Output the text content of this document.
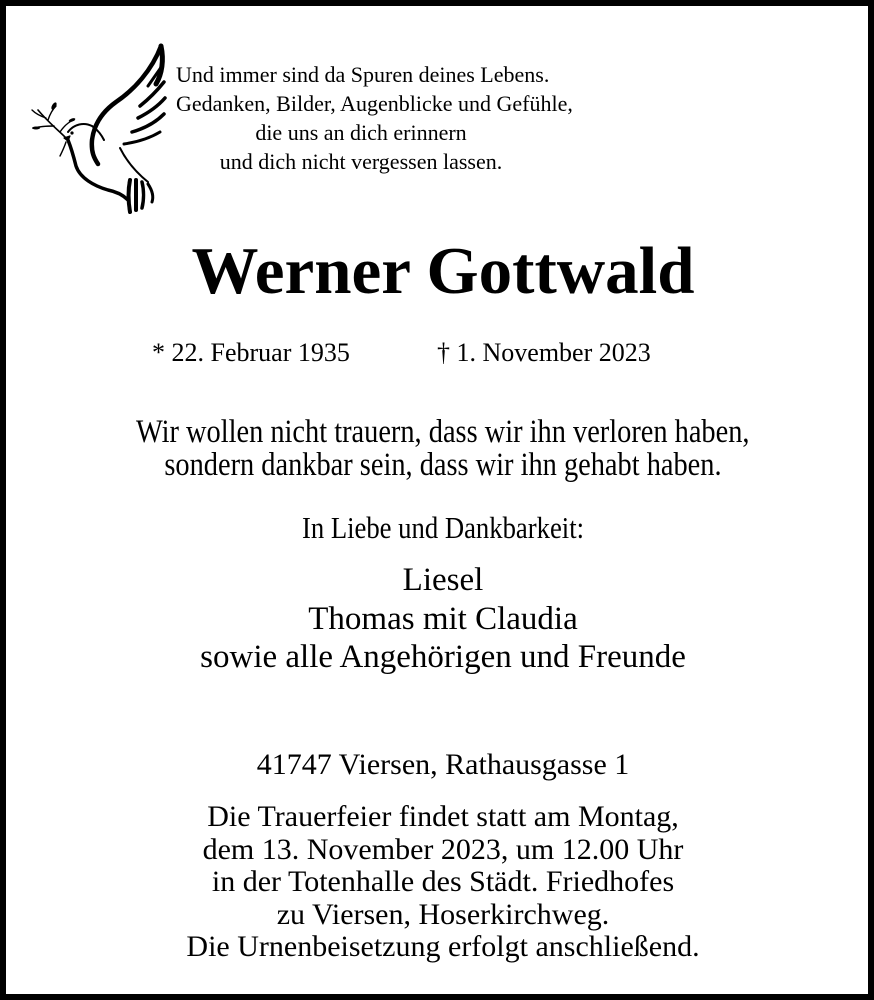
Und immer sind da Spuren deines Lebens.
Gedanken, Bilder, Augenblicke und Gefühle,
die uns an dich erinnern
und dich nicht vergessen lassen.
Werner Gottwald
* 22. Februar 1935	† 1. November 2023
Wir wollen nicht trauern, dass wir ihn verloren haben,
sondern dankbar sein, dass wir ihn gehabt haben.
In Liebe und Dankbarkeit:
Liesel
Thomas mit Claudia
sowie alle Angehörigen und Freunde
41747 Viersen, Rathausgasse 1
Die Trauerfeier findet statt am Montag,
dem 13. November 2023, um 12.00 Uhr
in der Totenhalle des Städt. Friedhofes
zu Viersen, Hoserkirchweg.
Die Urnenbeisetzung erfolgt anschließend.
